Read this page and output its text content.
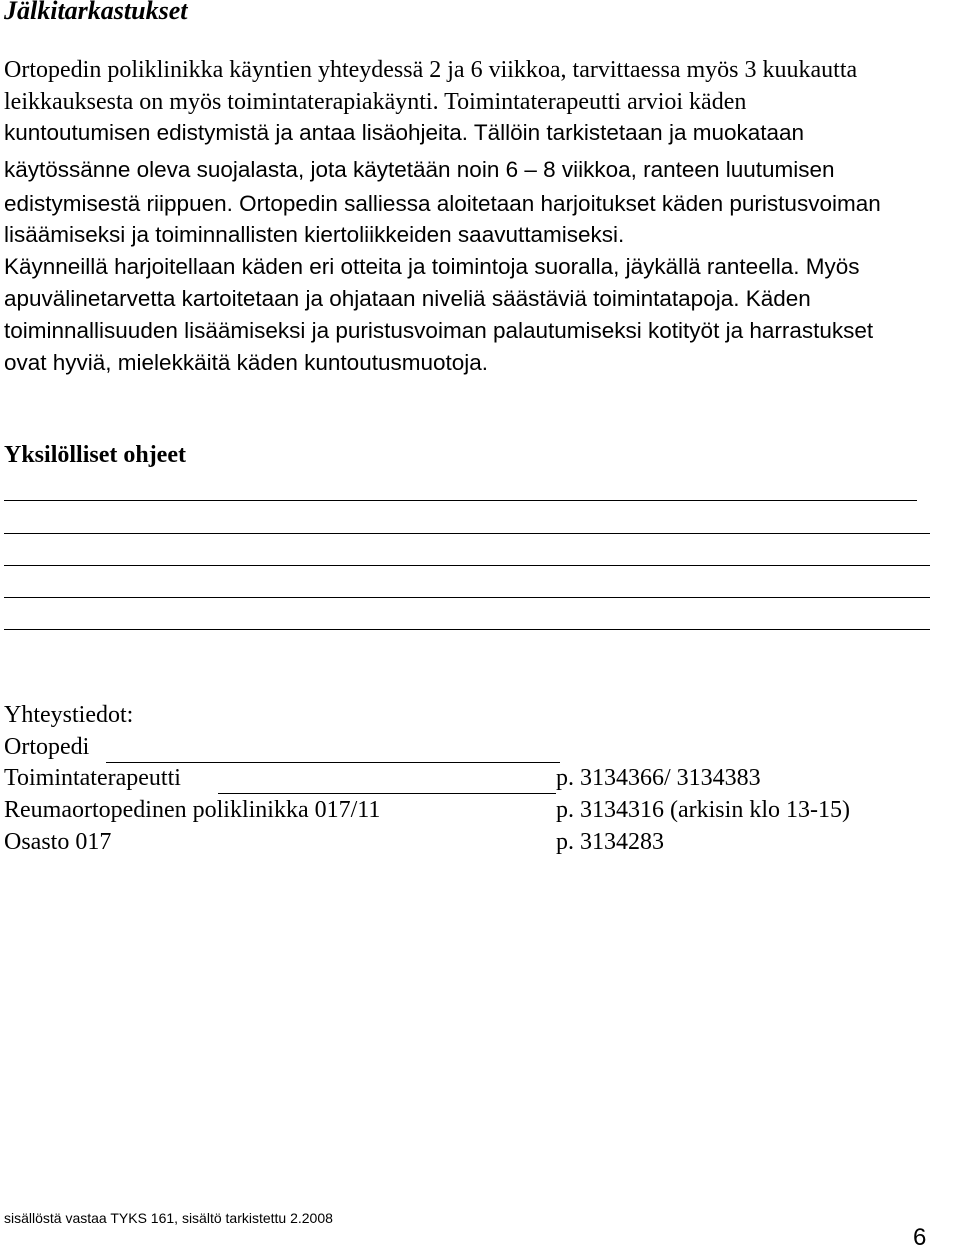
Jälkitarkastukset

Ortopedin poliklinikka käyntien yhteydessä 2 ja 6 viikkoa, tarvittaessa myös 3 kuukautta

leikkauksesta on myös toimintaterapiakäynti. Toimintaterapeutti arvioi käden

kuntoutumisen edistymistä ja antaa lisäohjeita. Tällöin tarkistetaan ja muokataan

käytössänne oleva suojalasta, jota käytetään noin 6 – 8 viikkoa, ranteen luutumisen

edistymisestä riippuen. Ortopedin salliessa aloitetaan harjoitukset käden puristusvoiman

lisäämiseksi ja toiminnallisten kiertoliikkeiden saavuttamiseksi.

Käynneillä harjoitellaan käden eri otteita ja toimintoja suoralla, jäykällä ranteella. Myös

apuvälinetarvetta kartoitetaan ja ohjataan niveliä säästäviä toimintatapoja. Käden

toiminnallisuuden lisäämiseksi ja puristusvoiman palautumiseksi kotityöt ja harrastukset

ovat hyviä, mielekkäitä käden kuntoutusmuotoja.

Yksilölliset ohjeet
Yhteystiedot:
Ortopedi
Toimintaterapeutti	p. 3134366/ 3134383
Reumaortopedinen poliklinikka 017/11	p. 3134316 (arkisin klo 13-15)
Osasto 017	p. 3134283
sisällöstä vastaa TYKS 161, sisältö tarkistettu 2.2008
6
